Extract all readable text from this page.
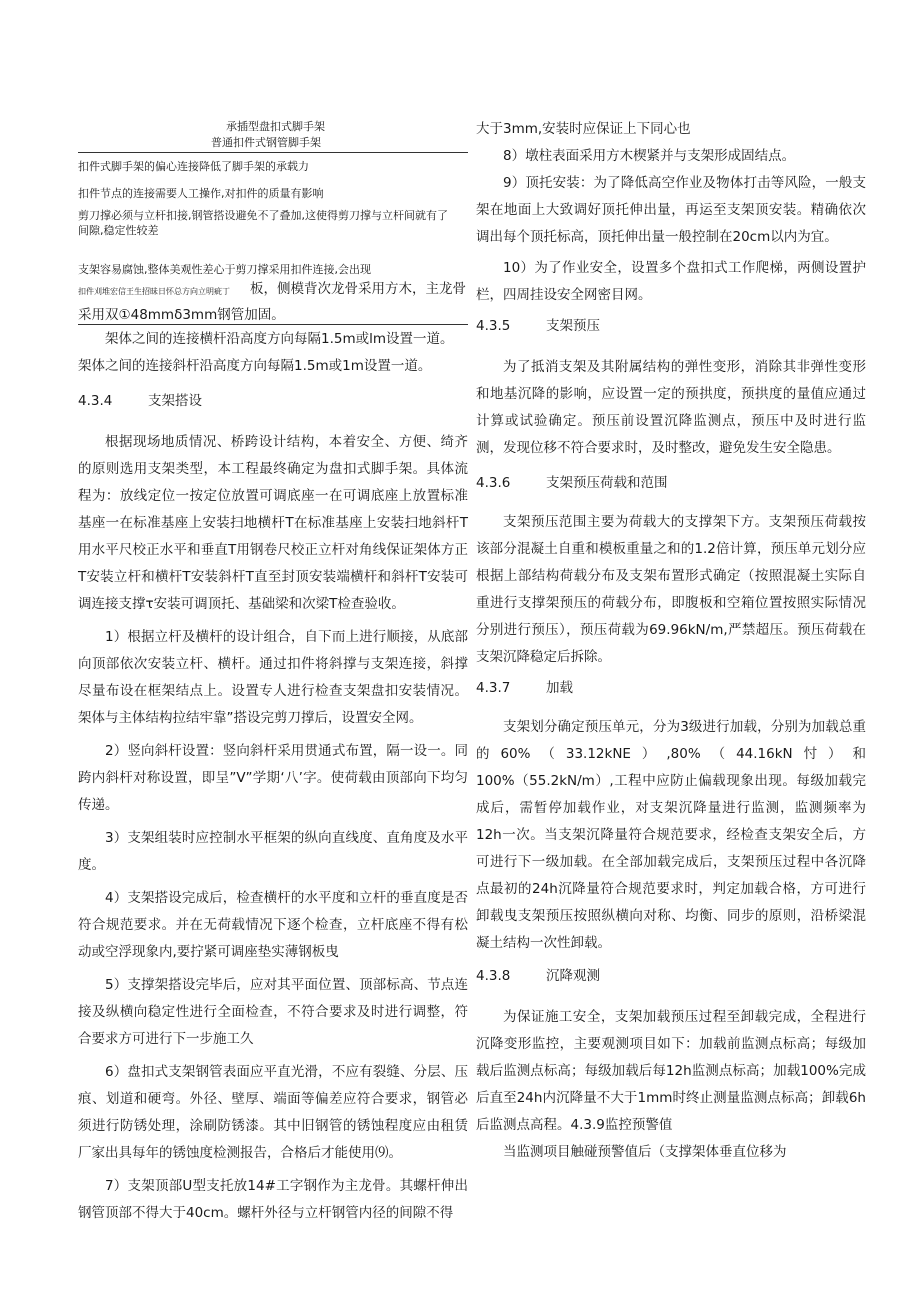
承插型盘扣式脚手架
普通扣件式钢管脚手架
扣件式脚手架的偏心连接降低了脚手架的承载力
扣件节点的连接需要人工操作,对扣件的质量有影响
剪刀撑必须与立杆扣接,钢管搭设避免不了叠加,这使得剪刀撑与立杆间就有了
间隙,稳定性较差
支架容易腐蚀,整体美观性差心于剪刀撑采用扣件连接,会出现
扣件刈堆宏信王生招昧日怀总方向立明疵丁 板，侧模背次龙骨采用方木，主龙骨
采用双①48mmδ3mm钢管加固。

架体之间的连接横杆沿高度方向每隔1.5m或lm设置一道。

架体之间的连接斜杆沿高度方向每隔1.5m或1m设置一道。

4.3.4	支架搭设

根据现场地质情况、桥跨设计结构，本着安全、方便、绮齐的原则选用支架类型，本工程最终确定为盘扣式脚手架。具体流程为：放线定位一按定位放置可调底座一在可调底座上放置标准基座一在标准基座上安装扫地横杆T在标准基座上安装扫地斜杆T用水平尺校正水平和垂直T用钢卷尺校正立杆对角线保证架体方正T安装立杆和横杆T安装斜杆T直至封顶安装端横杆和斜杆T安装可调连接支撑τ安装可调顶托、基础梁和次梁T检查验收。

1）根据立杆及横杆的设计组合，自下而上进行顺接，从底部向顶部依次安装立杆、横杆。通过扣件将斜撑与支架连接，斜撑尽量布设在框架结点上。设置专人进行检查支架盘扣安装情况。架体与主体结构拉结牢靠”搭设完剪刀撑后，设置安全网。

2）竖向斜杆设置：竖向斜杆采用贯通式布置，隔一设一。同跨内斜杆对称设置，即呈”V”学期‘八’字。使荷载由顶部向下均匀传递。

3）支架组装时应控制水平框架的纵向直线度、直角度及水平度。

4）支架搭设完成后，检查横杆的水平度和立杆的垂直度是否符合规范要求。并在无荷载情况下逐个检查，立杆底座不得有松动或空浮现象内,要拧紧可调座垫实薄钢板曳

5）支撑架搭设完毕后，应对其平面位置、顶部标高、节点连接及纵横向稳定性进行全面检查，不符合要求及时进行调整，符合要求方可进行下一步施工久

6）盘扣式支架钢管表面应平直光滑，不应有裂缝、分层、压痕、划道和硬弯。外径、壁厚、端面等偏差应符合要求，钢管必须进行防锈处理，涂刷防锈漆。其中旧钢管的锈蚀程度应由租赁厂家出具每年的锈蚀度检测报告，合格后才能使用⑼。

7）支架顶部U型支托放14#工字钢作为主龙骨。其螺杆伸出钢管顶部不得大于40cm。螺杆外径与立杆钢管内径的间隙不得

大于3mm,安装时应保证上下同心也

8）墩柱表面采用方木楔紧并与支架形成固结点。

9）顶托安装：为了降低高空作业及物体打击等风险，一般支架在地面上大致调好顶托伸出量，再运至支架顶安装。精确依次调出每个顶托标高，顶托伸出量一般控制在20cm以内为宜。

10）为了作业安全，设置多个盘扣式工作爬梯，两侧设置护栏，四周挂设安全网密目网。

4.3.5	支架预压

为了抵消支架及其附属结构的弹性变形，消除其非弹性变形和地基沉降的影响，应设置一定的预拱度，预拱度的量值应通过计算或试验确定。预压前设置沉降监测点，预压中及时进行监测，发现位移不符合要求时，及时整改，避免发生安全隐患。

4.3.6	支架预压荷载和范围

支架预压范围主要为荷载大的支撑架下方。支架预压荷载按该部分混凝土自重和模板重量之和的1.2倍计算，预压单元划分应根据上部结构荷载分布及支架布置形式确定（按照混凝土实际自重进行支撑架预压的荷载分布，即腹板和空箱位置按照实际情况分别进行预压），预压荷载为69.96kN/m,严禁超压。预压荷载在支架沉降稳定后拆除。

4.3.7	加载

支架划分确定预压单元，分为3级进行加载，分别为加载总重的60%（33.12kNE）,80%（44.16kN忖）和100%（55.2kN/m）,工程中应防止偏载现象出现。每级加载完成后，需暂停加载作业，对支架沉降量进行监测，监测频率为12h一次。当支架沉降量符合规范要求，经检查支架安全后，方可进行下一级加载。在全部加载完成后，支架预压过程中各沉降点最初的24h沉降量符合规范要求时，判定加载合格，方可进行卸载曳支架预压按照纵横向对称、均衡、同步的原则，沿桥梁混凝土结构一次性卸载。

4.3.8	沉降观测

为保证施工安全，支架加载预压过程至卸载完成，全程进行沉降变形监控，主要观测项目如下：加载前监测点标高；每级加载后监测点标高；每级加载后每12h监测点标高；加载100%完成后直至24h内沉降量不大于1mm时终止测量监测点标高；卸载6h后监测点高程。4.3.9监控预警值

当监测项目触碰预警值后（支撑架体垂直位移为
